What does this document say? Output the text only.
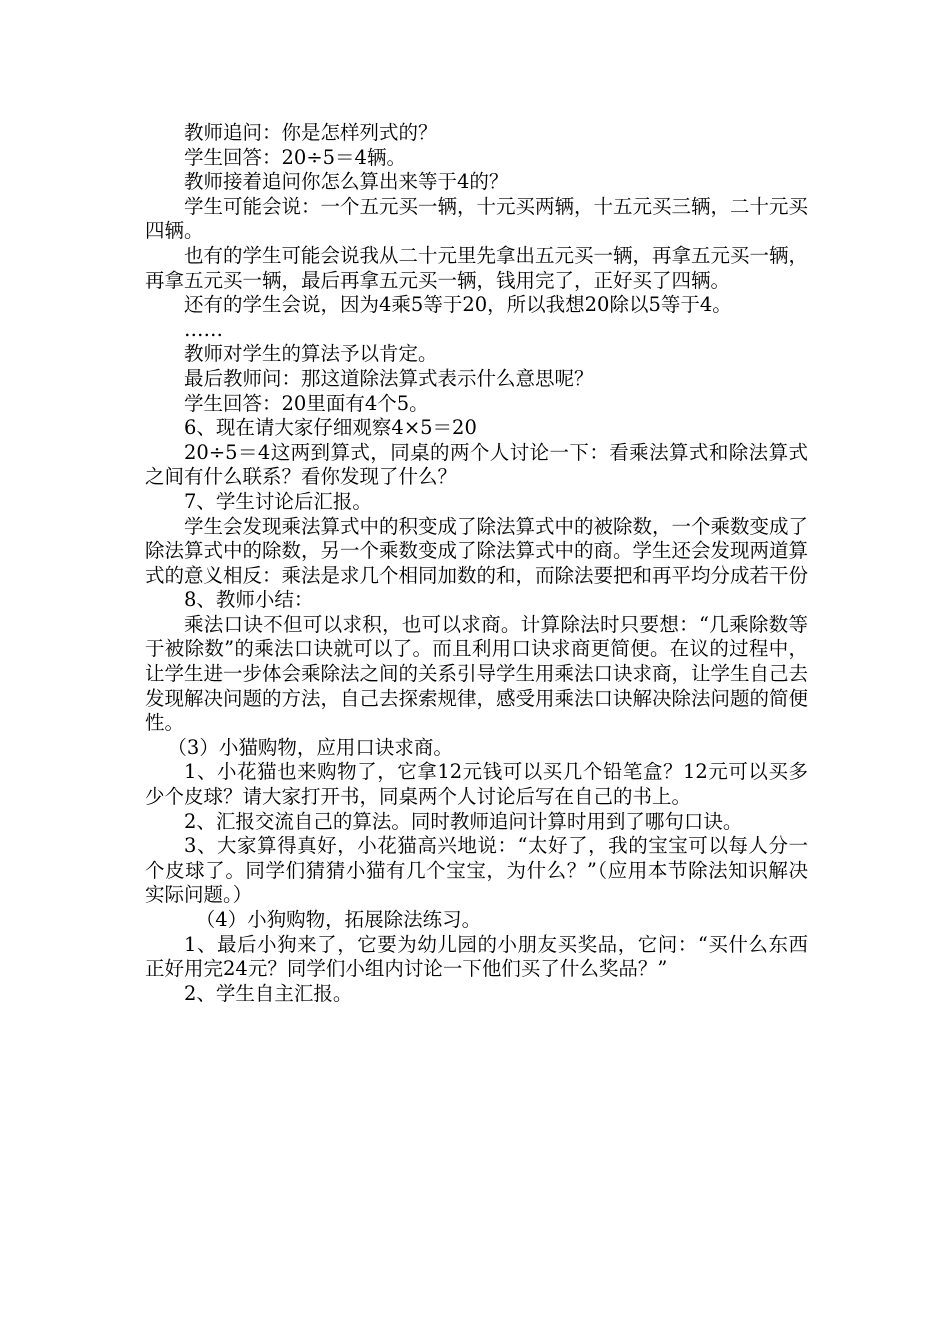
教师追问：你是怎样列式的？

学生回答：20÷5＝4辆。

教师接着追问你怎么算出来等于4的？

学生可能会说：一个五元买一辆，十元买两辆，十五元买三辆，二十元买四辆。

也有的学生可能会说我从二十元里先拿出五元买一辆，再拿五元买一辆，再拿五元买一辆，最后再拿五元买一辆，钱用完了，正好买了四辆。

还有的学生会说，因为4乘5等于20，所以我想20除以5等于4。

……

教师对学生的算法予以肯定。

最后教师问：那这道除法算式表示什么意思呢？

学生回答：20里面有4个5。

6、现在请大家仔细观察4×5＝20

20÷5＝4这两到算式，同桌的两个人讨论一下：看乘法算式和除法算式之间有什么联系？看你发现了什么？

7、学生讨论后汇报。

学生会发现乘法算式中的积变成了除法算式中的被除数，一个乘数变成了除法算式中的除数，另一个乘数变成了除法算式中的商。学生还会发现两道算式的意义相反：乘法是求几个相同加数的和，而除法要把和再平均分成若干份

8、教师小结：

乘法口诀不但可以求积，也可以求商。计算除法时只要想：“几乘除数等于被除数”的乘法口诀就可以了。而且利用口诀求商更简便。在议的过程中，让学生进一步体会乘除法之间的关系引导学生用乘法口诀求商，让学生自己去发现解决问题的方法，自己去探索规律，感受用乘法口诀解决除法问题的简便性。

（3）小猫购物，应用口诀求商。

1、小花猫也来购物了，它拿12元钱可以买几个铅笔盒？12元可以买多少个皮球？请大家打开书，同桌两个人讨论后写在自己的书上。

2、汇报交流自己的算法。同时教师追问计算时用到了哪句口诀。

3、大家算得真好，小花猫高兴地说：“太好了，我的宝宝可以每人分一个皮球了。同学们猜猜小猫有几个宝宝，为什么？”（应用本节除法知识解决实际问题。）

（4）小狗购物，拓展除法练习。

1、最后小狗来了，它要为幼儿园的小朋友买奖品，它问：“买什么东西正好用完24元？同学们小组内讨论一下他们买了什么奖品？”

2、学生自主汇报。
